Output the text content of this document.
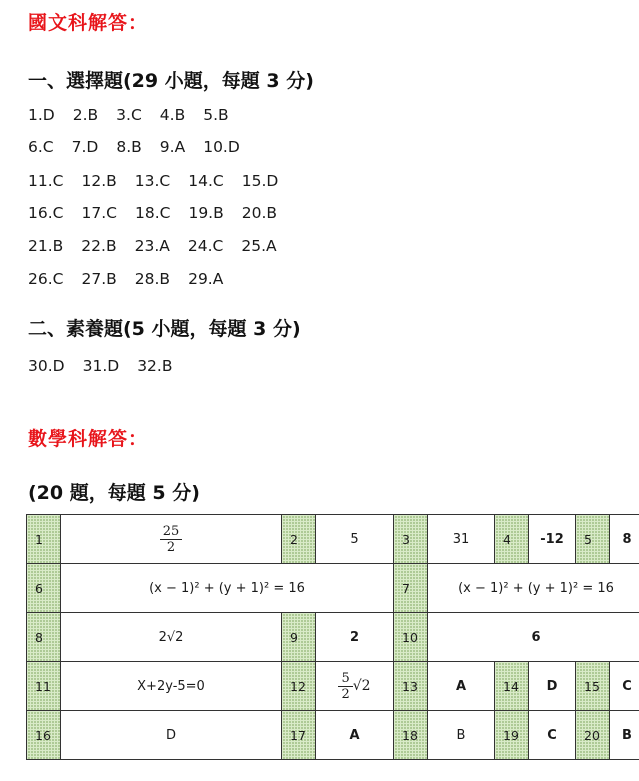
國文科解答：
一、選擇題(29 小題，每題 3 分)
1.D 2.B 3.C 4.B 5.B
6.C 7.D 8.B 9.A 10.D
11.C 12.B 13.C 14.C 15.D
16.C 17.C 18.C 19.B 20.B
21.B 22.B 23.A 24.C 25.A
26.C 27.B 28.B 29.A
二、素養題(5 小題，每題 3 分)
30.D 31.D 32.B
數學科解答：
(20 題，每題 5 分)
1	$\frac{25}{2}$	2	5	3	31	4	-12	5	8
6	(x − 1)² + (y + 1)² = 16			7	(x − 1)² + (y + 1)² = 16				
8	2√2	9	2	10	6				
11	X+2y-5=0	12	$\frac{5}{2} √2$	13	A	14	D	15	C
16	D	17	A	18	B	19	C	20	B
